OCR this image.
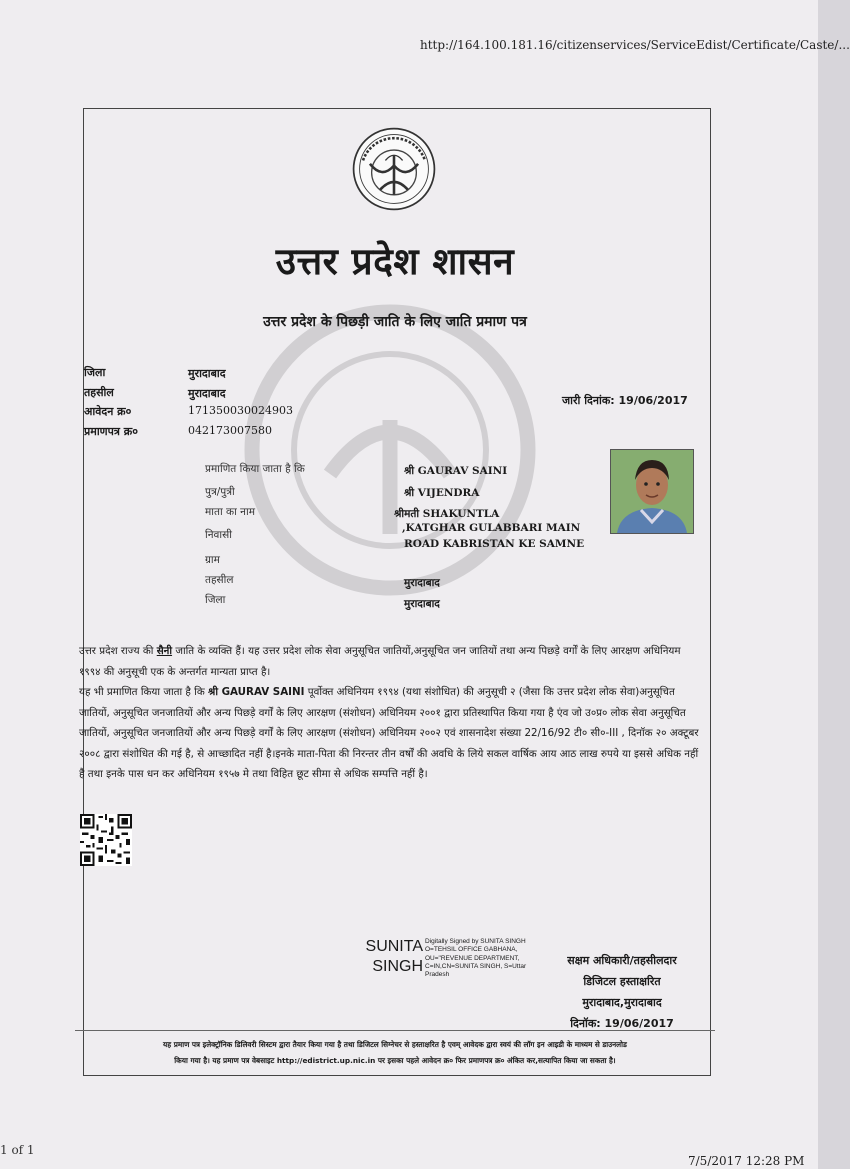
http://164.100.181.16/citizenservices/ServiceEdist/Certificate/Caste/...
उत्तर प्रदेश शासन
उत्तर प्रदेश के पिछड़ी जाति के लिए जाति प्रमाण पत्र
जिला	मुरादाबाद
तहसील	मुरादाबाद
आवेदन क्र०	171350030024903
प्रमाणपत्र क्र०	042173007580
जारी दिनांक: 19/06/2017
प्रमाणित किया जाता है कि	श्री GAURAV SAINI
पुत्र/पुत्री	श्री VIJENDRA
माता का नाम	श्रीमती SHAKUNTLA
निवासी
,KATGHAR GULABBARI MAIN
ROAD KABRISTAN KE SAMNE
ग्राम
तहसील	मुरादाबाद
जिला	मुरादाबाद

उत्तर प्रदेश राज्य की सैनी जाति के व्यक्ति हैं। यह उत्तर प्रदेश लोक सेवा अनुसूचित जातियों,अनुसूचित जन जातियों तथा अन्य पिछड़े वर्गों के लिए आरक्षण अधिनियम १९९४ की अनुसूची एक के अन्तर्गत मान्यता प्राप्त है।

यह भी प्रमाणित किया जाता है कि श्री GAURAV SAINI पूर्वोक्त अधिनियम १९९४ (यथा संशोधित) की अनुसूची २ (जैसा कि उत्तर प्रदेश लोक सेवा)अनुसूचित जातियों, अनुसूचित जनजातियों और अन्य पिछड़े वर्गों के लिए आरक्षण (संशोधन) अधिनियम २००१ द्वारा प्रतिस्थापित किया गया है एंव जो उ०प्र० लोक सेवा अनुसूचित जातियों, अनुसूचित जनजातियों और अन्य पिछड़े वर्गों के लिए आरक्षण (संशोधन) अधिनियम २००२ एवं शासनादेश संख्या 22/16/92 टी० सी०-III , दिनॉक २० अक्टूबर २००८ द्वारा संशोधित की गई है, से आच्छादित नहीं है।इनके माता-पिता की निरन्तर तीन वर्षों की अवधि के लिये सकल वार्षिक आय आठ लाख रुपये या इससे अधिक नहीं है तथा इनके पास धन कर अधिनियम १९५७ मे तथा विहित छूट सीमा से अधिक सम्पत्ति नहीं है।

SUNITA
SINGH
Digitally Signed by SUNITA SINGH O=TEHSIL OFFICE GABHANA, OU="REVENUE DEPARTMENT, C=IN,CN=SUNITA SINGH, S=Uttar Pradesh
सक्षम अधिकारी/तहसीलदार
डिजिटल हस्ताक्षरित
मुरादाबाद,मुरादाबाद
दिनॉक: 19/06/2017
यह प्रमाण पत्र इलेक्ट्रॉनिक डिलिवरी सिस्टम द्वारा तैयार किया गया है तथा डिजिटल सिग्नेचर से हस्ताक्षरित है एवम् आवेदक द्वारा स्वयं की लॉग इन आइडी के माध्यम से डाउनलोड
किया गया है। यह प्रमाण पत्र वेबसाइट http://edistrict.up.nic.in पर इसका पहले आवेदन क्र० फिर प्रमाणपत्र क्र० अंकित कर,सत्यापित किया जा सकता है।
1 of 1
7/5/2017 12:28 PM
